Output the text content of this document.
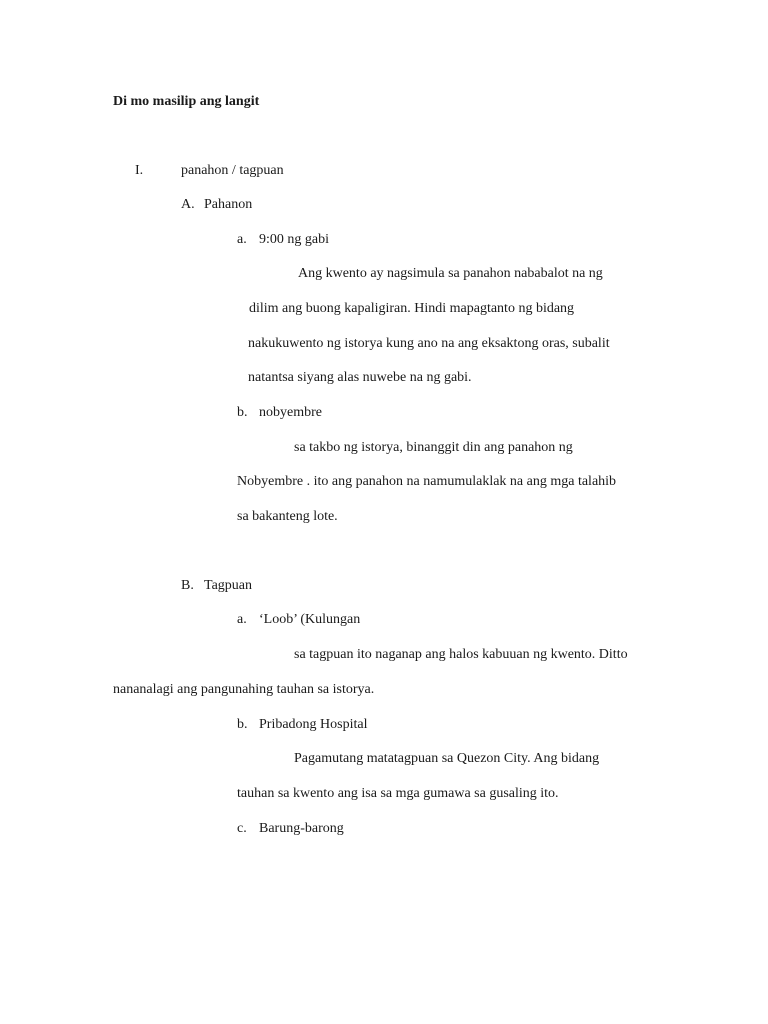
Di mo masilip ang langit
I.	panahon / tagpuan
A. Pahanon
a. 9:00 ng gabi
Ang kwento ay nagsimula sa panahon nababalot na ng
dilim ang buong kapaligiran. Hindi mapagtanto ng bidang
nakukuwento ng istorya kung ano na ang eksaktong oras, subalit
natantsa siyang alas nuwebe na ng gabi.
b. nobyembre
sa takbo ng istorya, binanggit din ang panahon ng
Nobyembre . ito ang panahon na namumulaklak na ang mga talahib
sa bakanteng lote.
B. Tagpuan
a. ‘Loob’ (Kulungan
sa tagpuan ito naganap ang halos kabuuan ng kwento. Ditto
nananalagi ang pangunahing tauhan sa istorya.
b. Pribadong Hospital
Pagamutang matatagpuan sa Quezon City. Ang bidang
tauhan sa kwento ang isa sa mga gumawa sa gusaling ito.
c. Barung-barong
